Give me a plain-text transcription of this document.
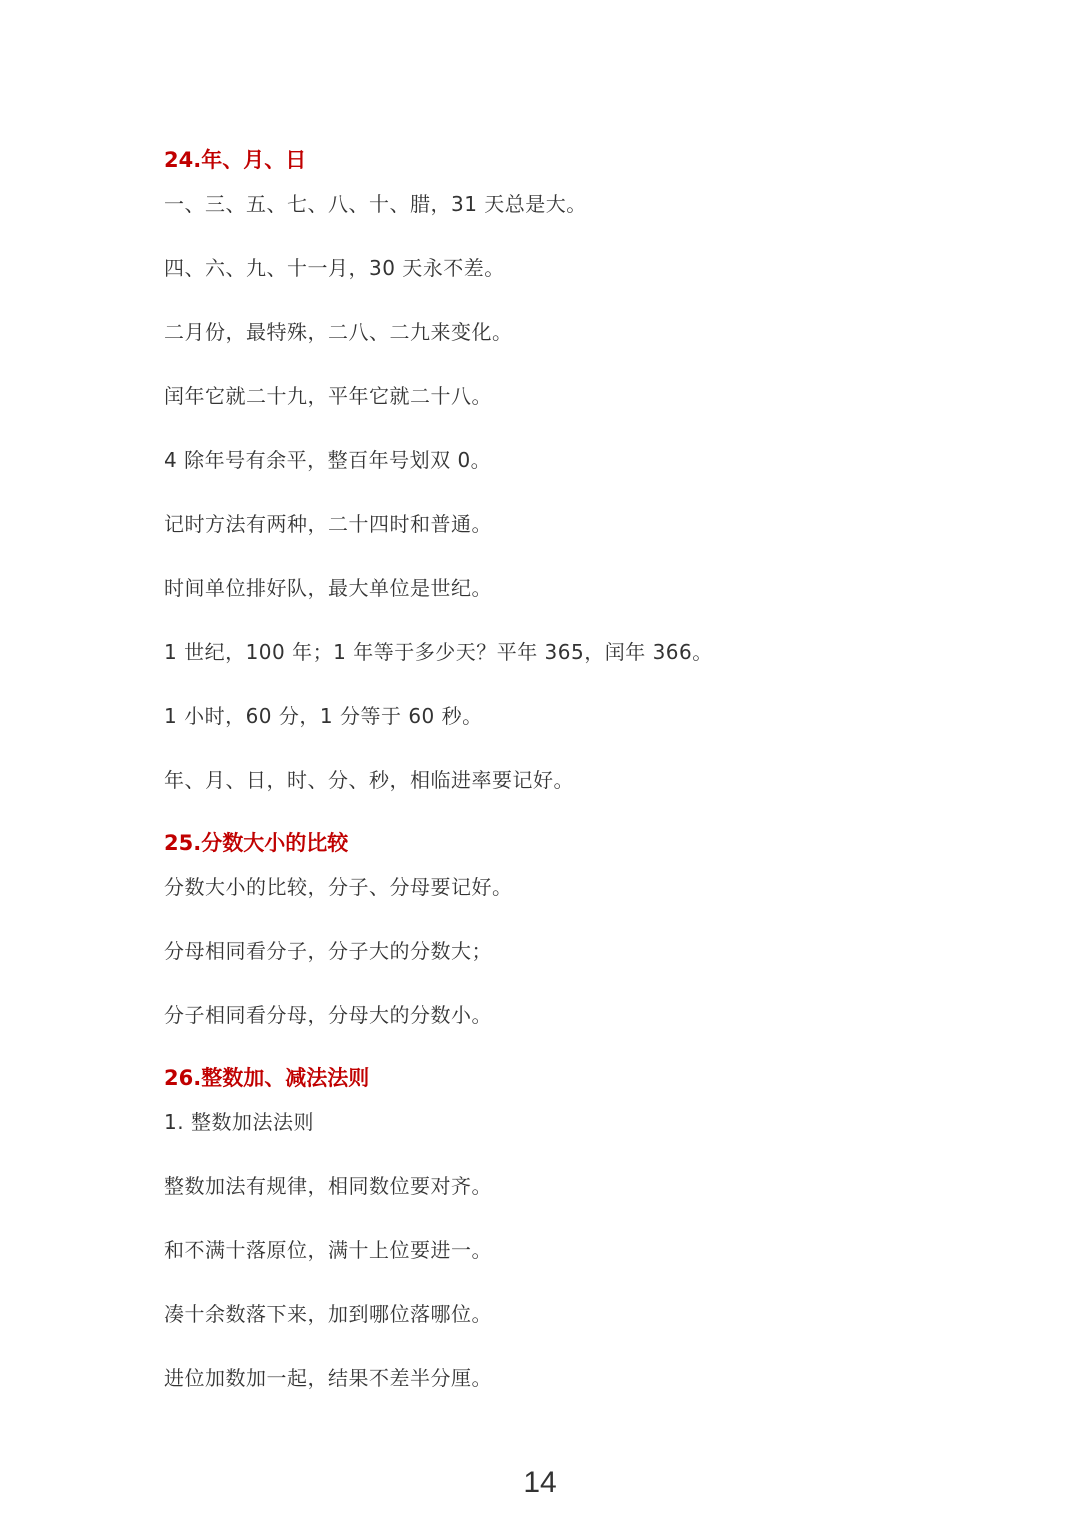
24.年、月、日
一、三、五、七、八、十、腊，31 天总是大。
四、六、九、十一月，30 天永不差。
二月份，最特殊，二八、二九来变化。
闰年它就二十九，平年它就二十八。
4 除年号有余平，整百年号划双 0。
记时方法有两种，二十四时和普通。
时间单位排好队，最大单位是世纪。
1 世纪，100 年；1 年等于多少天？平年 365，闰年 366。
1 小时，60 分，1 分等于 60 秒。
年、月、日，时、分、秒，相临进率要记好。
25.分数大小的比较
分数大小的比较，分子、分母要记好。
分母相同看分子，分子大的分数大；
分子相同看分母，分母大的分数小。
26.整数加、减法法则
1. 整数加法法则
整数加法有规律，相同数位要对齐。
和不满十落原位，满十上位要进一。
凑十余数落下来，加到哪位落哪位。
进位加数加一起，结果不差半分厘。
14
